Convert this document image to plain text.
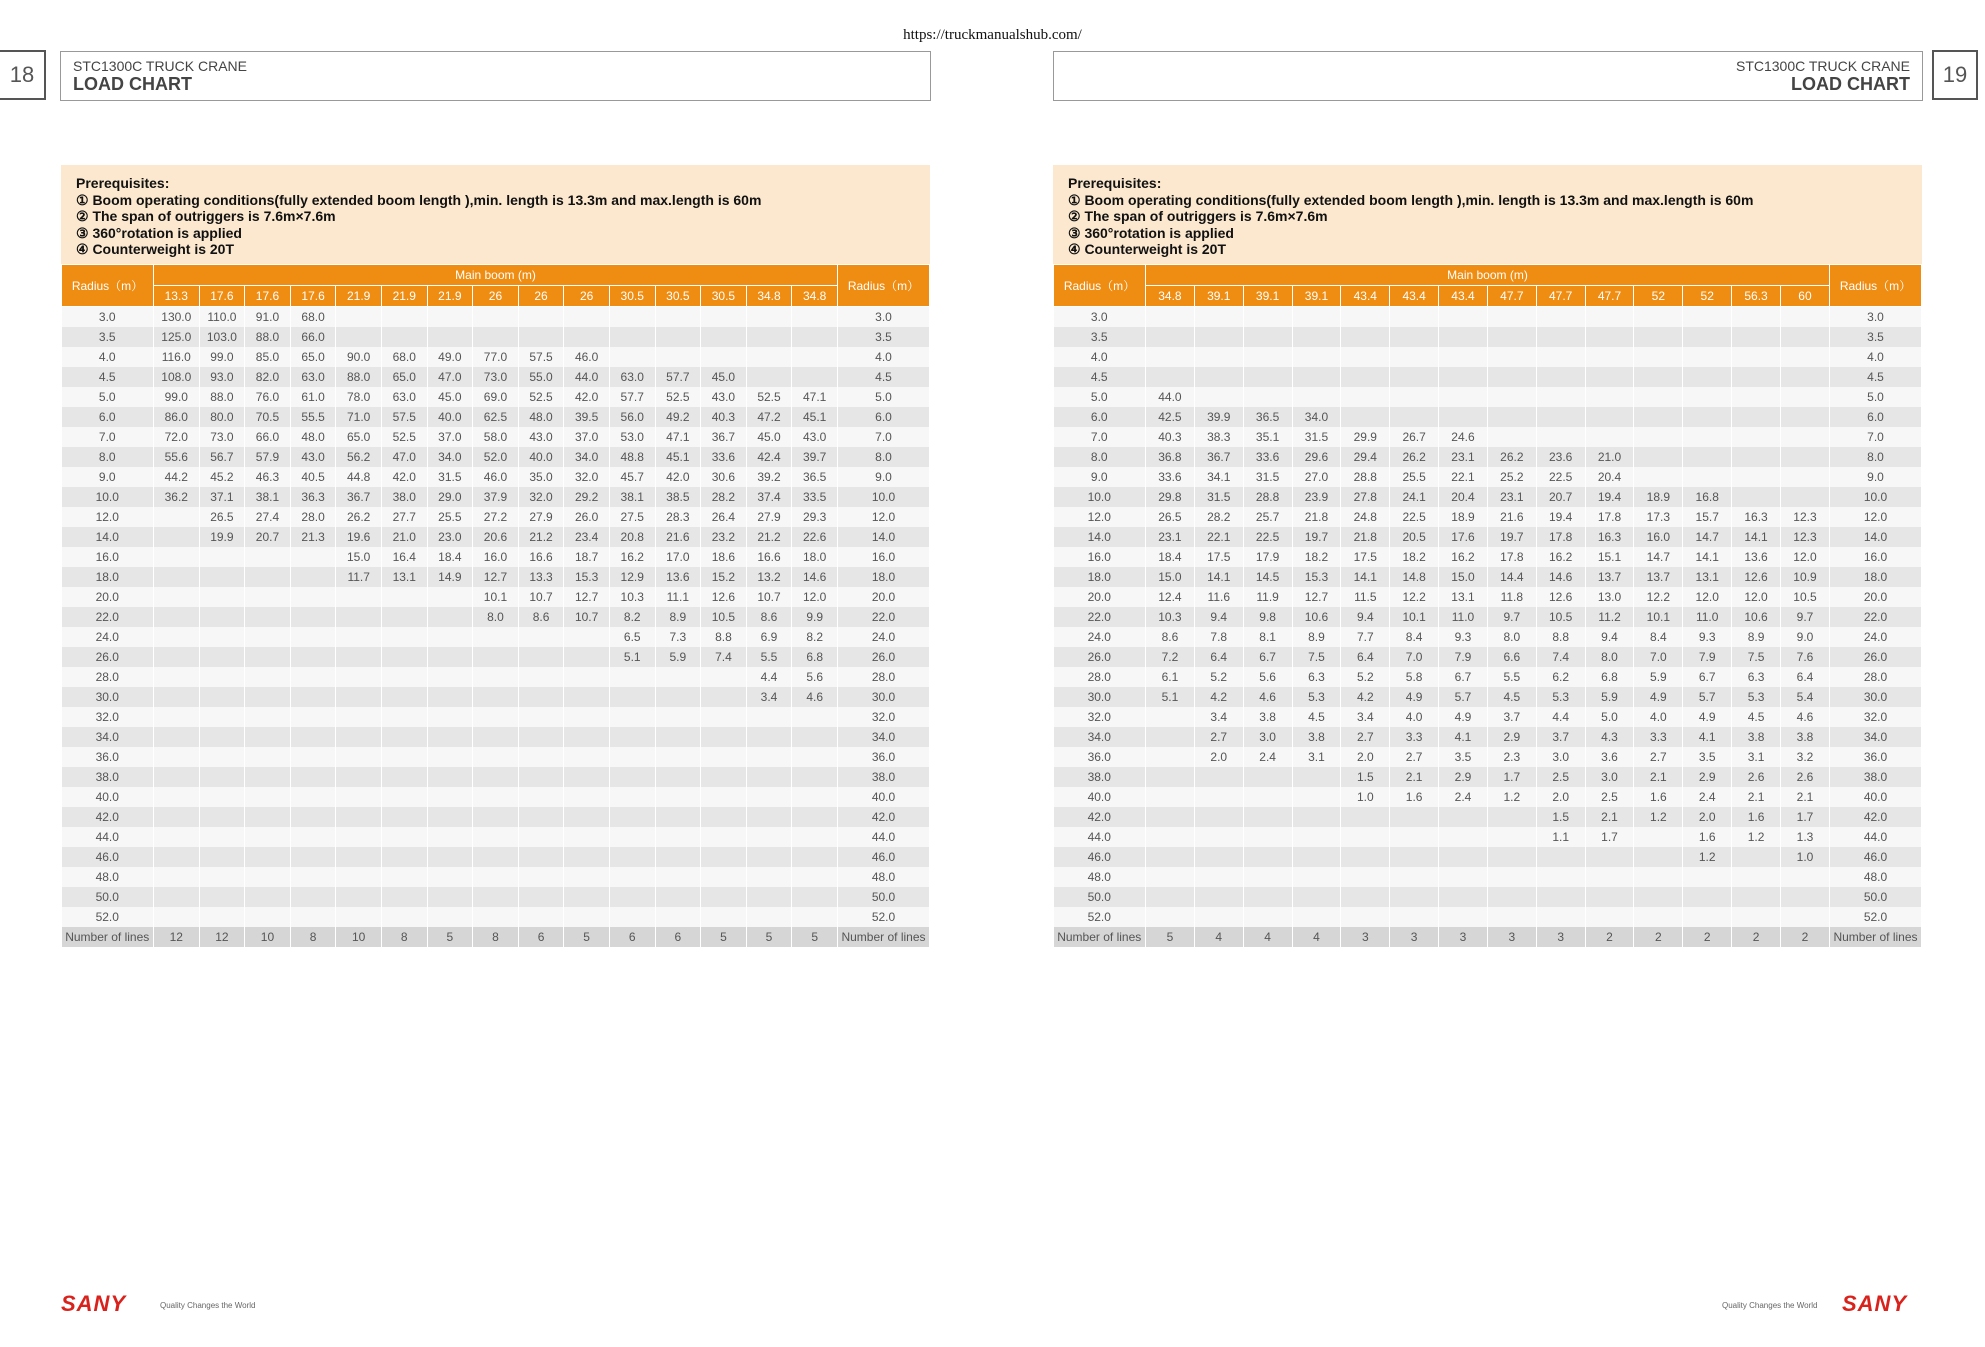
https://truckmanualshub.com/
18	STC1300C TRUCK CRANE
LOAD CHART
STC1300C TRUCK CRANE
LOAD CHART	19
Prerequisites:
① Boom operating conditions(fully extended boom length ),min. length is 13.3m and max.length is 60m
② The span of outriggers is 7.6m×7.6m
③ 360°rotation is applied
④ Counterweight is 20T
Radius（m）	Main boom (m)															Radius（m）
	13.3	17.6	17.6	17.6	21.9	21.9	21.9	26	26	26	30.5	30.5	30.5	34.8	34.8	
3.0	130.0	110.0	91.0	68.0												3.0
3.5	125.0	103.0	88.0	66.0												3.5
4.0	116.0	99.0	85.0	65.0	90.0	68.0	49.0	77.0	57.5	46.0						4.0
4.5	108.0	93.0	82.0	63.0	88.0	65.0	47.0	73.0	55.0	44.0	63.0	57.7	45.0			4.5
5.0	99.0	88.0	76.0	61.0	78.0	63.0	45.0	69.0	52.5	42.0	57.7	52.5	43.0	52.5	47.1	5.0
6.0	86.0	80.0	70.5	55.5	71.0	57.5	40.0	62.5	48.0	39.5	56.0	49.2	40.3	47.2	45.1	6.0
7.0	72.0	73.0	66.0	48.0	65.0	52.5	37.0	58.0	43.0	37.0	53.0	47.1	36.7	45.0	43.0	7.0
8.0	55.6	56.7	57.9	43.0	56.2	47.0	34.0	52.0	40.0	34.0	48.8	45.1	33.6	42.4	39.7	8.0
9.0	44.2	45.2	46.3	40.5	44.8	42.0	31.5	46.0	35.0	32.0	45.7	42.0	30.6	39.2	36.5	9.0
10.0	36.2	37.1	38.1	36.3	36.7	38.0	29.0	37.9	32.0	29.2	38.1	38.5	28.2	37.4	33.5	10.0
12.0		26.5	27.4	28.0	26.2	27.7	25.5	27.2	27.9	26.0	27.5	28.3	26.4	27.9	29.3	12.0
14.0		19.9	20.7	21.3	19.6	21.0	23.0	20.6	21.2	23.4	20.8	21.6	23.2	21.2	22.6	14.0
16.0					15.0	16.4	18.4	16.0	16.6	18.7	16.2	17.0	18.6	16.6	18.0	16.0
18.0					11.7	13.1	14.9	12.7	13.3	15.3	12.9	13.6	15.2	13.2	14.6	18.0
20.0								10.1	10.7	12.7	10.3	11.1	12.6	10.7	12.0	20.0
22.0								8.0	8.6	10.7	8.2	8.9	10.5	8.6	9.9	22.0
24.0											6.5	7.3	8.8	6.9	8.2	24.0
26.0											5.1	5.9	7.4	5.5	6.8	26.0
28.0														4.4	5.6	28.0
30.0														3.4	4.6	30.0
32.0																32.0
34.0																34.0
36.0																36.0
38.0																38.0
40.0																40.0
42.0																42.0
44.0																44.0
46.0																46.0
48.0																48.0
50.0																50.0
52.0																52.0
Number of lines	12	12	10	8	10	8	5	8	6	5	6	6	5	5	5	Number of lines
Prerequisites:
① Boom operating conditions(fully extended boom length ),min. length is 13.3m and max.length is 60m
② The span of outriggers is 7.6m×7.6m
③ 360°rotation is applied
④ Counterweight is 20T
Radius（m）	Main boom (m)														Radius（m）
	34.8	39.1	39.1	39.1	43.4	43.4	43.4	47.7	47.7	47.7	52	52	56.3	60	
3.0															3.0
3.5															3.5
4.0															4.0
4.5															4.5
5.0	44.0														5.0
6.0	42.5	39.9	36.5	34.0											6.0
7.0	40.3	38.3	35.1	31.5	29.9	26.7	24.6								7.0
8.0	36.8	36.7	33.6	29.6	29.4	26.2	23.1	26.2	23.6	21.0					8.0
9.0	33.6	34.1	31.5	27.0	28.8	25.5	22.1	25.2	22.5	20.4					9.0
10.0	29.8	31.5	28.8	23.9	27.8	24.1	20.4	23.1	20.7	19.4	18.9	16.8			10.0
12.0	26.5	28.2	25.7	21.8	24.8	22.5	18.9	21.6	19.4	17.8	17.3	15.7	16.3	12.3	12.0
14.0	23.1	22.1	22.5	19.7	21.8	20.5	17.6	19.7	17.8	16.3	16.0	14.7	14.1	12.3	14.0
16.0	18.4	17.5	17.9	18.2	17.5	18.2	16.2	17.8	16.2	15.1	14.7	14.1	13.6	12.0	16.0
18.0	15.0	14.1	14.5	15.3	14.1	14.8	15.0	14.4	14.6	13.7	13.7	13.1	12.6	10.9	18.0
20.0	12.4	11.6	11.9	12.7	11.5	12.2	13.1	11.8	12.6	13.0	12.2	12.0	12.0	10.5	20.0
22.0	10.3	9.4	9.8	10.6	9.4	10.1	11.0	9.7	10.5	11.2	10.1	11.0	10.6	9.7	22.0
24.0	8.6	7.8	8.1	8.9	7.7	8.4	9.3	8.0	8.8	9.4	8.4	9.3	8.9	9.0	24.0
26.0	7.2	6.4	6.7	7.5	6.4	7.0	7.9	6.6	7.4	8.0	7.0	7.9	7.5	7.6	26.0
28.0	6.1	5.2	5.6	6.3	5.2	5.8	6.7	5.5	6.2	6.8	5.9	6.7	6.3	6.4	28.0
30.0	5.1	4.2	4.6	5.3	4.2	4.9	5.7	4.5	5.3	5.9	4.9	5.7	5.3	5.4	30.0
32.0		3.4	3.8	4.5	3.4	4.0	4.9	3.7	4.4	5.0	4.0	4.9	4.5	4.6	32.0
34.0		2.7	3.0	3.8	2.7	3.3	4.1	2.9	3.7	4.3	3.3	4.1	3.8	3.8	34.0
36.0		2.0	2.4	3.1	2.0	2.7	3.5	2.3	3.0	3.6	2.7	3.5	3.1	3.2	36.0
38.0					1.5	2.1	2.9	1.7	2.5	3.0	2.1	2.9	2.6	2.6	38.0
40.0					1.0	1.6	2.4	1.2	2.0	2.5	1.6	2.4	2.1	2.1	40.0
42.0									1.5	2.1	1.2	2.0	1.6	1.7	42.0
44.0									1.1	1.7		1.6	1.2	1.3	44.0
46.0												1.2		1.0	46.0
48.0															48.0
50.0															50.0
52.0															52.0
Number of lines	5	4	4	4	3	3	3	3	3	2	2	2	2	2	Number of lines
SANY	Quality Changes the World	Quality Changes the World SANY
